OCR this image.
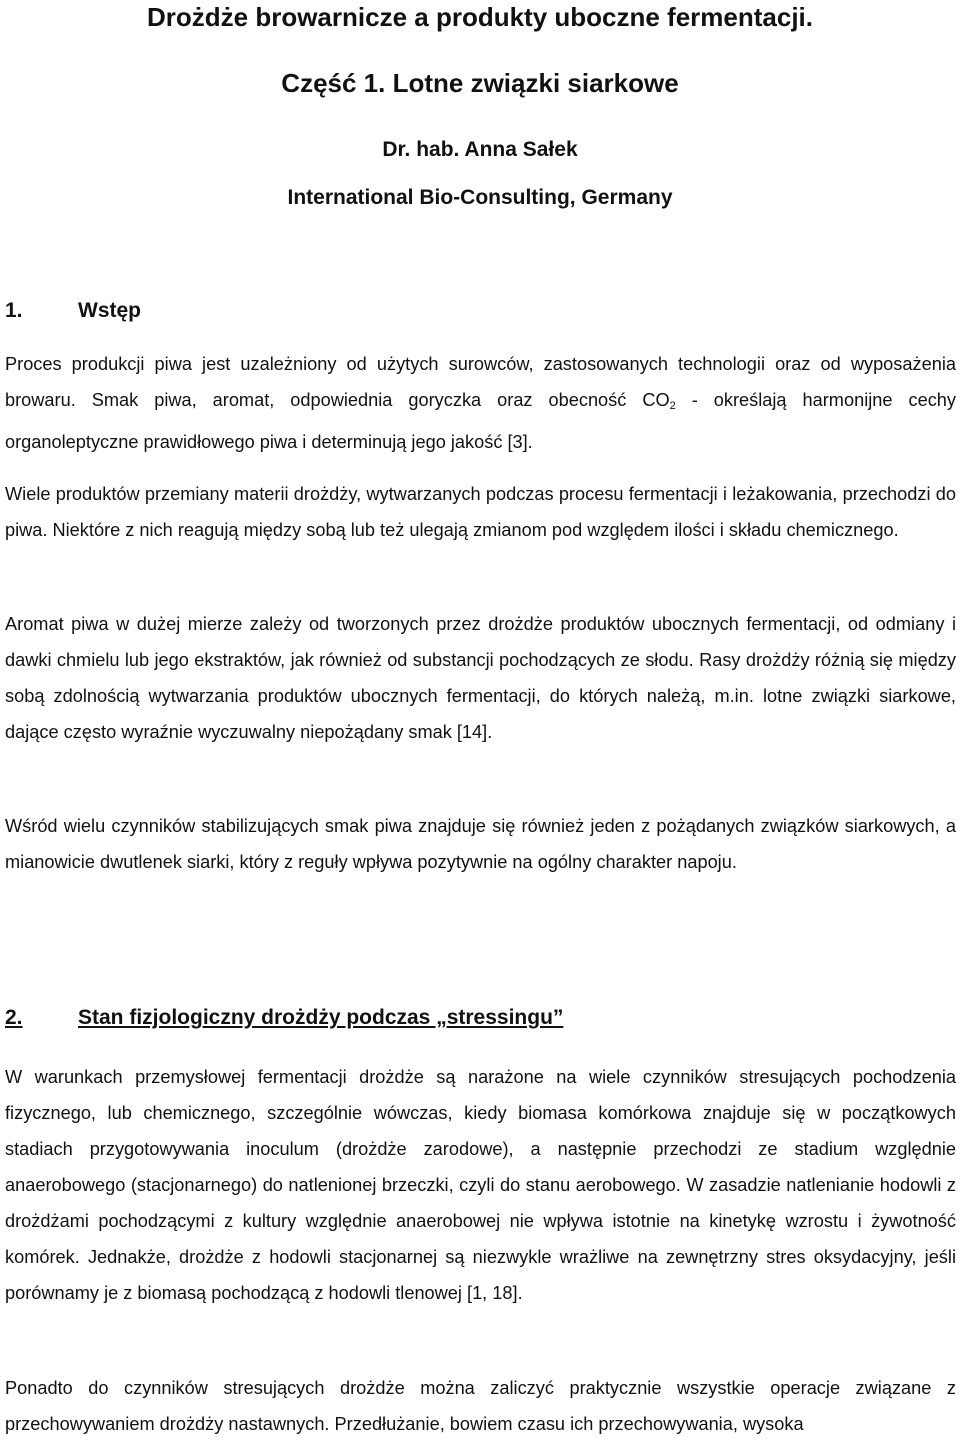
Drożdże browarnicze a produkty uboczne fermentacji.
Część 1. Lotne związki siarkowe
Dr. hab. Anna Sałek
International Bio-Consulting, Germany
1.	Wstęp

Proces produkcji piwa jest uzależniony od użytych surowców, zastosowanych technologii oraz od wyposażenia browaru. Smak piwa, aromat, odpowiednia goryczka oraz obecność $CO_2$ - określają harmonijne cechy organoleptyczne prawidłowego piwa i determinują jego jakość [3].

Wiele produktów przemiany materii drożdży, wytwarzanych podczas procesu fermentacji i leżakowania, przechodzi do piwa. Niektóre z nich reagują między sobą lub też ulegają zmianom pod względem ilości i składu chemicznego.

Aromat piwa w dużej mierze zależy od tworzonych przez drożdże produktów ubocznych fermentacji, od odmiany i dawki chmielu lub jego ekstraktów, jak również od substancji pochodzących ze słodu. Rasy drożdży różnią się między sobą zdolnością wytwarzania produktów ubocznych fermentacji, do których należą, m.in. lotne związki siarkowe, dające często wyraźnie wyczuwalny niepożądany smak [14].

Wśród wielu czynników stabilizujących smak piwa znajduje się również jeden z pożądanych związków siarkowych, a mianowicie dwutlenek siarki, który z reguły wpływa pozytywnie na ogólny charakter napoju.

2.	Stan fizjologiczny drożdży podczas „stressingu”

W warunkach przemysłowej fermentacji drożdże są narażone na wiele czynników stresujących pochodzenia fizycznego, lub chemicznego, szczególnie wówczas, kiedy biomasa komórkowa znajduje się w początkowych stadiach przygotowywania inoculum (drożdże zarodowe), a następnie przechodzi ze stadium względnie anaerobowego (stacjonarnego) do natlenionej brzeczki, czyli do stanu aerobowego. W zasadzie natlenianie hodowli z drożdżami pochodzącymi z kultury względnie anaerobowej nie wpływa istotnie na kinetykę wzrostu i żywotność komórek. Jednakże, drożdże z hodowli stacjonarnej są niezwykle wrażliwe na zewnętrzny stres oksydacyjny, jeśli porównamy je z biomasą pochodzącą z hodowli tlenowej [1, 18].

Ponadto do czynników stresujących drożdże można zaliczyć praktycznie wszystkie operacje związane z przechowywaniem drożdży nastawnych. Przedłużanie, bowiem czasu ich przechowywania, wysoka
